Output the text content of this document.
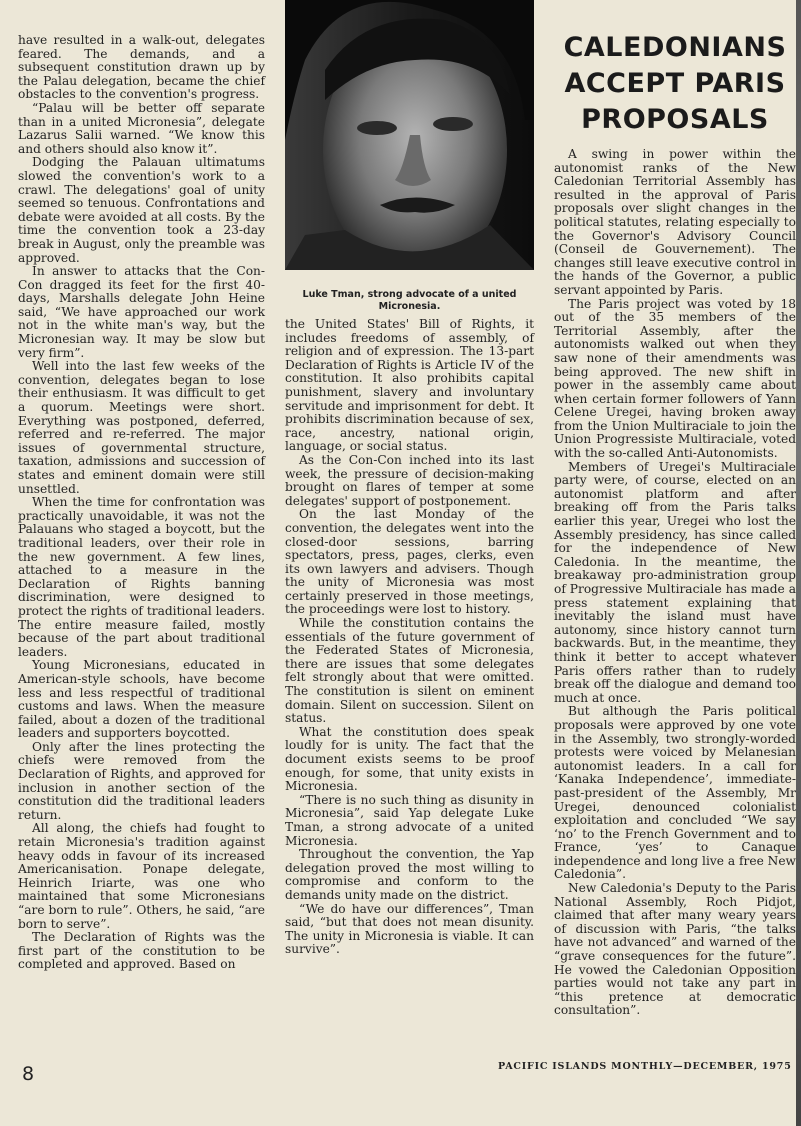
have resulted in a walk-out, delegates feared. The demands, and a subsequent constitution drawn up by the Palau delegation, became the chief obstacles to the convention's progress.

“Palau will be better off separate than in a united Micronesia”, delegate Lazarus Salii warned. “We know this and others should also know it”.

Dodging the Palauan ultimatums slowed the convention's work to a crawl. The delegations' goal of unity seemed so tenuous. Confrontations and debate were avoided at all costs. By the time the convention took a 23-day break in August, only the preamble was approved.

In answer to attacks that the Con-Con dragged its feet for the first 40-days, Marshalls delegate John Heine said, “We have approached our work not in the white man's way, but the Micronesian way. It may be slow but very firm”.

Well into the last few weeks of the convention, delegates began to lose their enthusiasm. It was difficult to get a quorum. Meetings were short. Everything was postponed, deferred, referred and re-referred. The major issues of governmental structure, taxation, admissions and succession of states and eminent domain were still unsettled.

When the time for confrontation was practically unavoidable, it was not the Palauans who staged a boycott, but the traditional leaders, over their role in the new government. A few lines, attached to a measure in the Declaration of Rights banning discrimination, were designed to protect the rights of traditional leaders. The entire measure failed, mostly because of the part about traditional leaders.

Young Micronesians, educated in American-style schools, have become less and less respectful of traditional customs and laws. When the measure failed, about a dozen of the traditional leaders and supporters boycotted.

Only after the lines protecting the chiefs were removed from the Declaration of Rights, and approved for inclusion in another section of the constitution did the traditional leaders return.

All along, the chiefs had fought to retain Micronesia's tradition against heavy odds in favour of its increased Americanisation. Ponape delegate, Heinrich Iriarte, was one who maintained that some Micronesians “are born to rule”. Others, he said, “are born to serve”.

The Declaration of Rights was the first part of the constitution to be completed and approved. Based on

Luke Tman, strong advocate of a united Micronesia.

the United States' Bill of Rights, it includes freedoms of assembly, of religion and of expression. The 13-part Declaration of Rights is Article IV of the constitution. It also prohibits capital punishment, slavery and involuntary servitude and imprisonment for debt. It prohibits discrimination because of sex, race, ancestry, national origin, language, or social status.

As the Con-Con inched into its last week, the pressure of decision-making brought on flares of temper at some delegates' support of postponement.

On the last Monday of the convention, the delegates went into the closed-door sessions, barring spectators, press, pages, clerks, even its own lawyers and advisers. Though the unity of Micronesia was most certainly preserved in those meetings, the proceedings were lost to history.

While the constitution contains the essentials of the future government of the Federated States of Micronesia, there are issues that some delegates felt strongly about that were omitted. The constitution is silent on eminent domain. Silent on succession. Silent on status.

What the constitution does speak loudly for is unity. The fact that the document exists seems to be proof enough, for some, that unity exists in Micronesia.

“There is no such thing as disunity in Micronesia”, said Yap delegate Luke Tman, a strong advocate of a united Micronesia.

Throughout the convention, the Yap delegation proved the most willing to compromise and conform to the demands unity made on the district.

“We do have our differences”, Tman said, “but that does not mean disunity. The unity in Micronesia is viable. It can survive”.

CALEDONIANS ACCEPT PARIS PROPOSALS

A swing in power within the autonomist ranks of the New Caledonian Territorial Assembly has resulted in the approval of Paris proposals over slight changes in the political statutes, relating especially to the Governor's Advisory Council (Conseil de Gouvernement). The changes still leave executive control in the hands of the Governor, a public servant appointed by Paris.

The Paris project was voted by 18 out of the 35 members of the Territorial Assembly, after the autonomists walked out when they saw none of their amendments was being approved. The new shift in power in the assembly came about when certain former followers of Yann Celene Uregei, having broken away from the Union Multiraciale to join the Union Progressiste Multiraciale, voted with the so-called Anti-Autonomists.

Members of Uregei's Multiraciale party were, of course, elected on an autonomist platform and after breaking off from the Paris talks earlier this year, Uregei who lost the Assembly presidency, has since called for the independence of New Caledonia. In the meantime, the breakaway pro-administration group of Progressive Multiraciale has made a press statement explaining that inevitably the island must have autonomy, since history cannot turn backwards. But, in the meantime, they think it better to accept whatever Paris offers rather than to rudely break off the dialogue and demand too much at once.

But although the Paris political proposals were approved by one vote in the Assembly, two strongly-worded protests were voiced by Melanesian autonomist leaders. In a call for ‘Kanaka Independence’, immediate-past-president of the Assembly, Mr Uregei, denounced colonialist exploitation and concluded “We say ‘no’ to the French Government and to France, ‘yes’ to Canaque independence and long live a free New Caledonia”.

New Caledonia's Deputy to the Paris National Assembly, Roch Pidjot, claimed that after many weary years of discussion with Paris, “the talks have not advanced” and warned of the “grave consequences for the future”. He vowed the Caledonian Opposition parties would not take any part in “this pretence at democratic consultation”.

8	PACIFIC ISLANDS MONTHLY—DECEMBER, 1975
